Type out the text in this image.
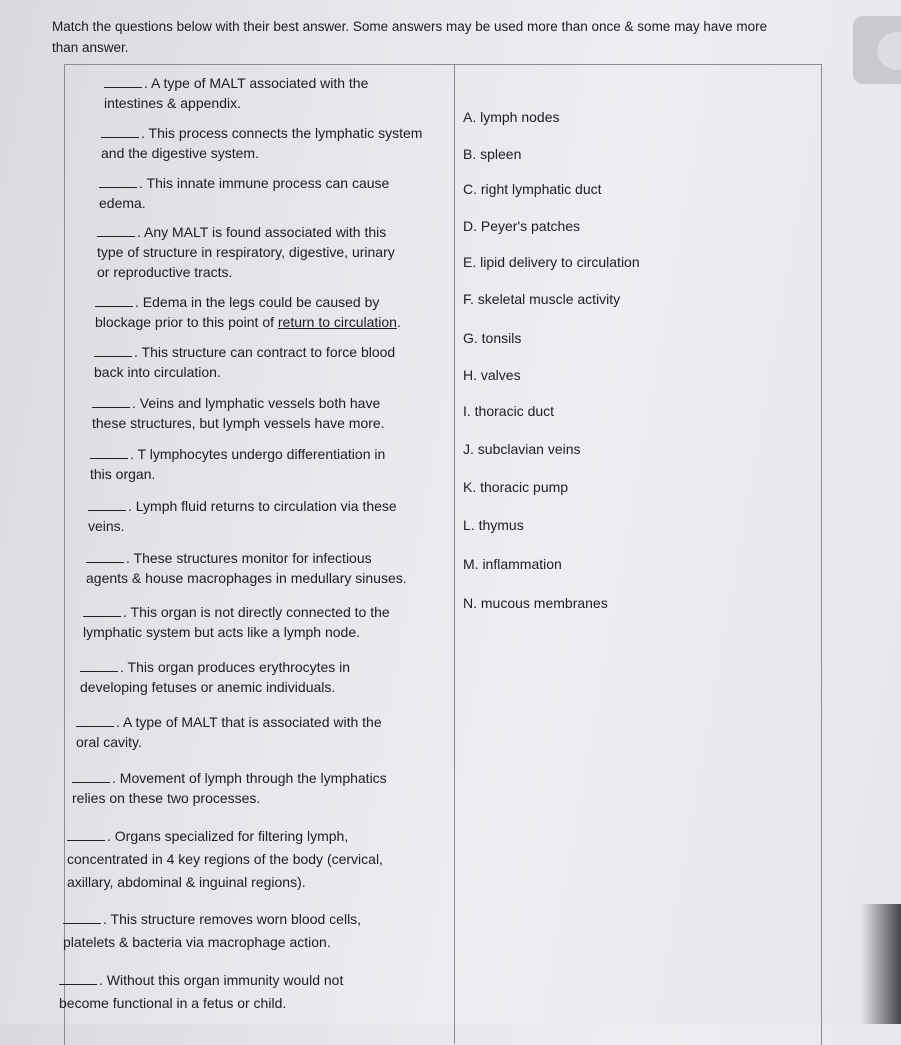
Match the questions below with their best answer. Some answers may be used more than once & some may have more
than answer.
. A type of MALT associated with the
intestines & appendix.
. This process connects the lymphatic system
and the digestive system.
. This innate immune process can cause
edema.
. Any MALT is found associated with this
type of structure in respiratory, digestive, urinary
or reproductive tracts.
. Edema in the legs could be caused by
blockage prior to this point of return to circulation.
. This structure can contract to force blood
back into circulation.
. Veins and lymphatic vessels both have
these structures, but lymph vessels have more.
. T lymphocytes undergo differentiation in
this organ.
. Lymph fluid returns to circulation via these
veins.
. These structures monitor for infectious
agents & house macrophages in medullary sinuses.
. This organ is not directly connected to the
lymphatic system but acts like a lymph node.
. This organ produces erythrocytes in
developing fetuses or anemic individuals.
. A type of MALT that is associated with the
oral cavity.
. Movement of lymph through the lymphatics
relies on these two processes.
. Organs specialized for filtering lymph,
concentrated in 4 key regions of the body (cervical,
axillary, abdominal & inguinal regions).
. This structure removes worn blood cells,
platelets & bacteria via macrophage action.
. Without this organ immunity would not
become functional in a fetus or child.
A. lymph nodes
B. spleen
C. right lymphatic duct
D. Peyer's patches
E. lipid delivery to circulation
F. skeletal muscle activity
G. tonsils
H. valves
I. thoracic duct
J. subclavian veins
K. thoracic pump
L. thymus
M. inflammation
N. mucous membranes
